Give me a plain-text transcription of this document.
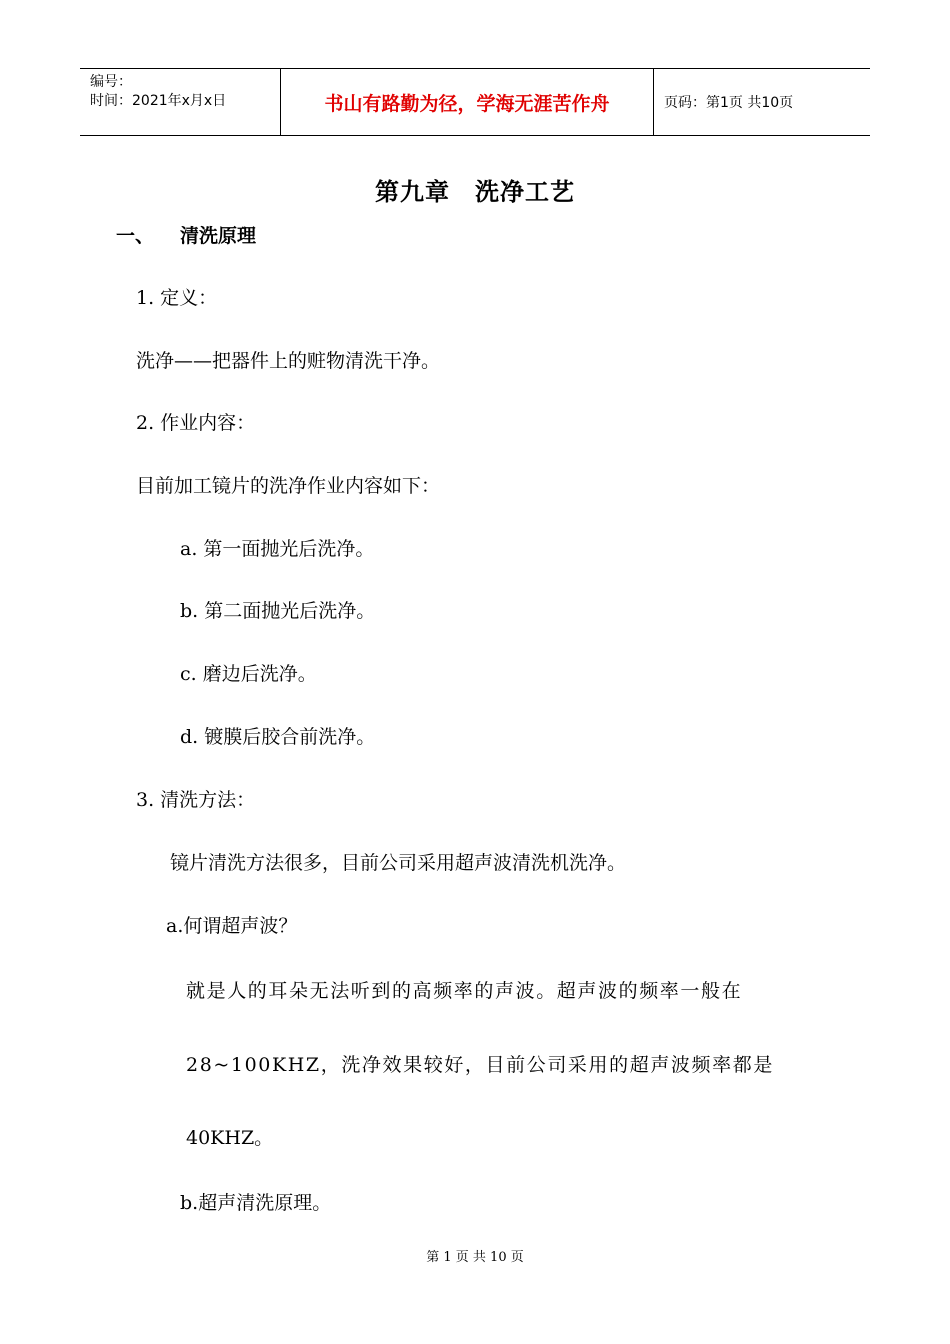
编号：
时间：2021年x月x日	书山有路勤为径，学海无涯苦作舟	页码：第1页 共10页
第九章　洗净工艺
一、 清洗原理
1. 定义：
洗净——把器件上的赃物清洗干净。
2. 作业内容：
目前加工镜片的洗净作业内容如下：
a. 第一面抛光后洗净。
b. 第二面抛光后洗净。
c. 磨边后洗净。
d. 镀膜后胶合前洗净。
3. 清洗方法：
镜片清洗方法很多，目前公司采用超声波清洗机洗净。
a.何谓超声波？
就是人的耳朵无法听到的高频率的声波。超声波的频率一般在
28~100KHZ，洗净效果较好，目前公司采用的超声波频率都是
40KHZ。
b.超声清洗原理。
第 1 页 共 10 页
